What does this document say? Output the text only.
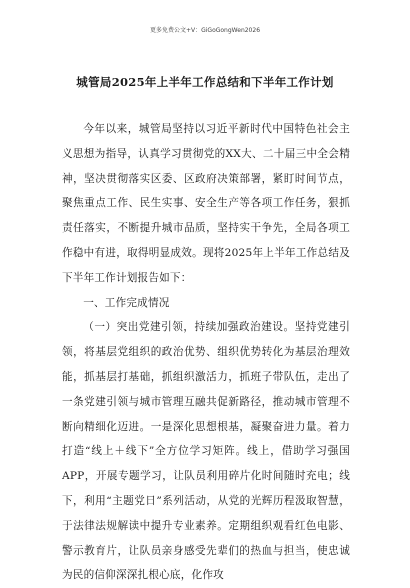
更多免费公文+V：GiGoGongWen2026
城管局2025年上半年工作总结和下半年工作计划

今年以来，城管局坚持以习近平新时代中国特色社会主义思想为指导，认真学习贯彻党的XX大、二十届三中全会精神，坚决贯彻落实区委、区政府决策部署，紧盯时间节点，聚焦重点工作、民生实事、安全生产等各项工作任务，狠抓责任落实，不断提升城市品质，坚持实干争先，全局各项工作稳中有进，取得明显成效。现将2025年上半年工作总结及下半年工作计划报告如下：

一、工作完成情况

（一）突出党建引领，持续加强政治建设。坚持党建引领，将基层党组织的政治优势、组织优势转化为基层治理效能，抓基层打基础，抓组织激活力，抓班子带队伍，走出了一条党建引领与城市管理互融共促新路径，推动城市管理不断向精细化迈进。一是深化思想根基，凝聚奋进力量。着力打造“线上＋线下”全方位学习矩阵。线上，借助学习强国APP，开展专题学习，让队员利用碎片化时间随时充电；线下，利用“主题党日”系列活动，从党的光辉历程汲取智慧，于法律法规解读中提升专业素养。定期组织观看红色电影、警示教育片，让队员亲身感受先辈们的热血与担当，使忠诚为民的信仰深深扎根心底，化作攻
